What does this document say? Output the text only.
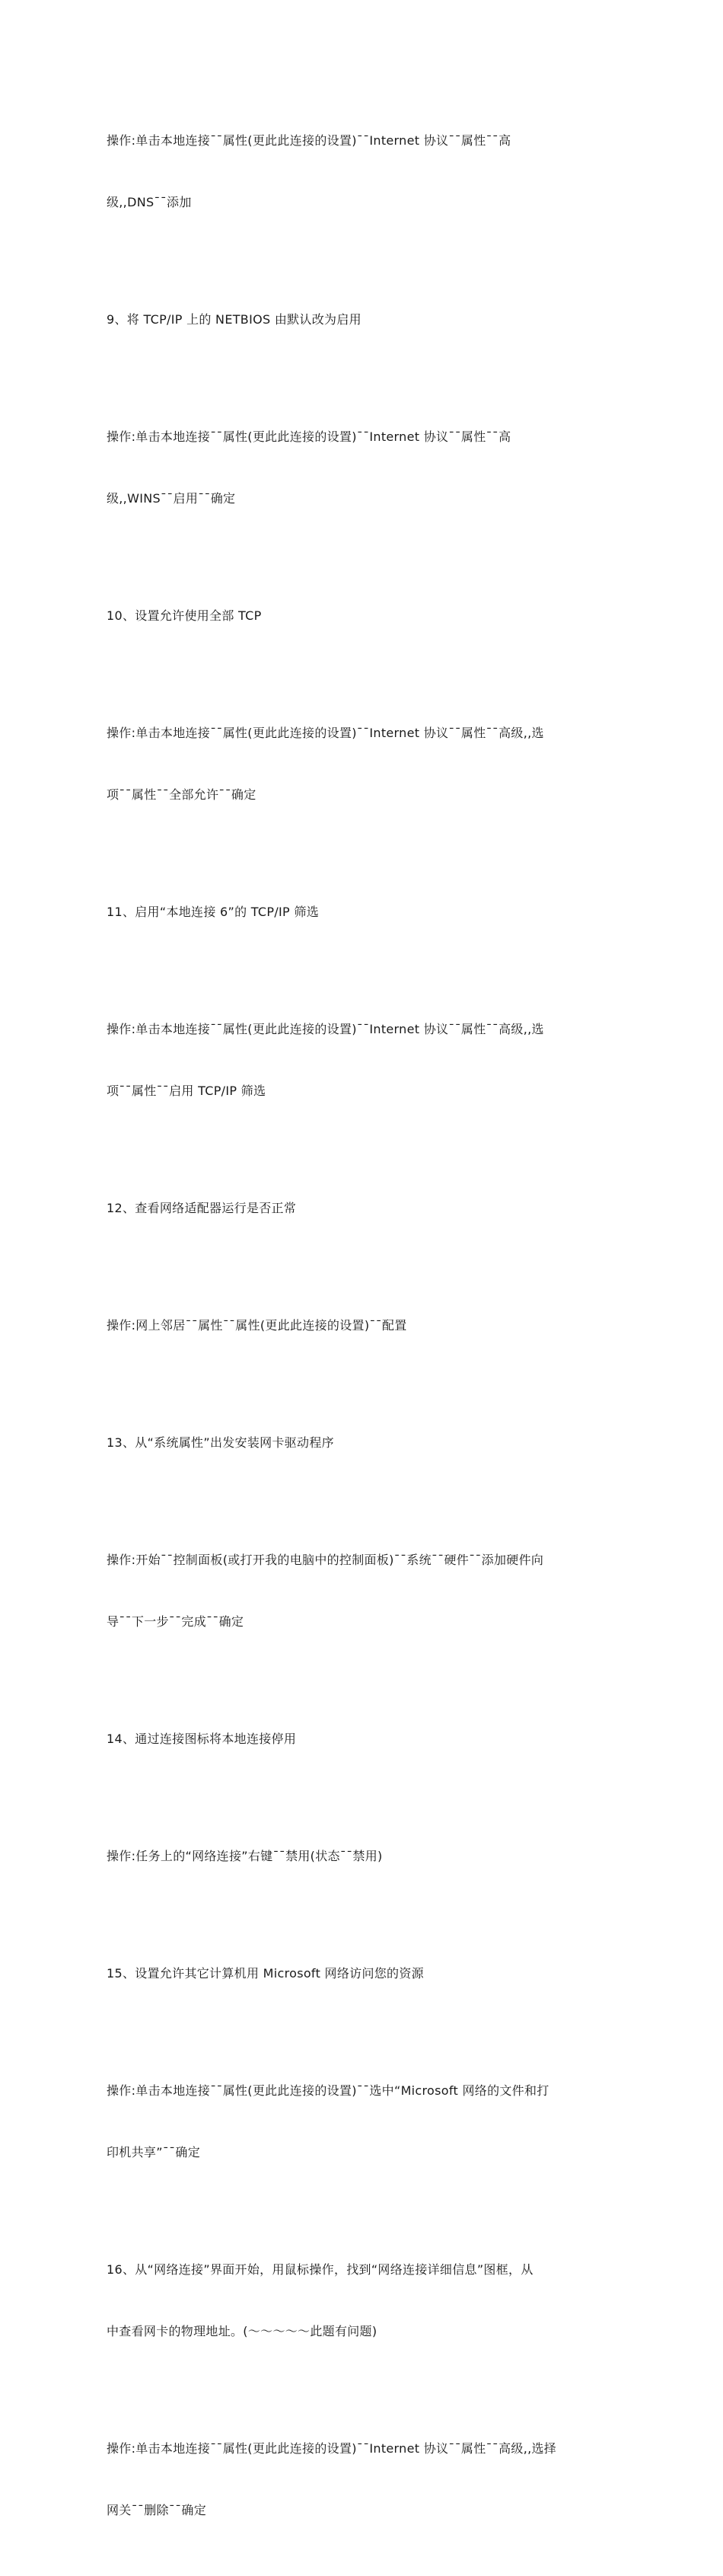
操作:单击本地连接¯¯属性(更此此连接的设置)¯¯Internet 协议¯¯属性¯¯高

级,,DNS¯¯添加

9、将 TCP/IP 上的 NETBIOS 由默认改为启用

操作:单击本地连接¯¯属性(更此此连接的设置)¯¯Internet 协议¯¯属性¯¯高

级,,WINS¯¯启用¯¯确定

10、设置允许使用全部 TCP

操作:单击本地连接¯¯属性(更此此连接的设置)¯¯Internet 协议¯¯属性¯¯高级,,选

项¯¯属性¯¯全部允许¯¯确定

11、启用“本地连接 6”的 TCP/IP 筛选

操作:单击本地连接¯¯属性(更此此连接的设置)¯¯Internet 协议¯¯属性¯¯高级,,选

项¯¯属性¯¯启用 TCP/IP 筛选

12、查看网络适配器运行是否正常

操作:网上邻居¯¯属性¯¯属性(更此此连接的设置)¯¯配置

13、从“系统属性”出发安装网卡驱动程序

操作:开始¯¯控制面板(或打开我的电脑中的控制面板)¯¯系统¯¯硬件¯¯添加硬件向

导¯¯下一步¯¯完成¯¯确定

14、通过连接图标将本地连接停用

操作:任务上的“网络连接”右键¯¯禁用(状态¯¯禁用)

15、设置允许其它计算机用 Microsoft 网络访问您的资源

操作:单击本地连接¯¯属性(更此此连接的设置)¯¯选中“Microsoft 网络的文件和打

印机共享”¯¯确定

16、从“网络连接”界面开始，用鼠标操作，找到“网络连接详细信息”图框，从

中查看网卡的物理地址。(～～～～～此题有问题)

操作:单击本地连接¯¯属性(更此此连接的设置)¯¯Internet 协议¯¯属性¯¯高级,,选择

网关¯¯删除¯¯确定
